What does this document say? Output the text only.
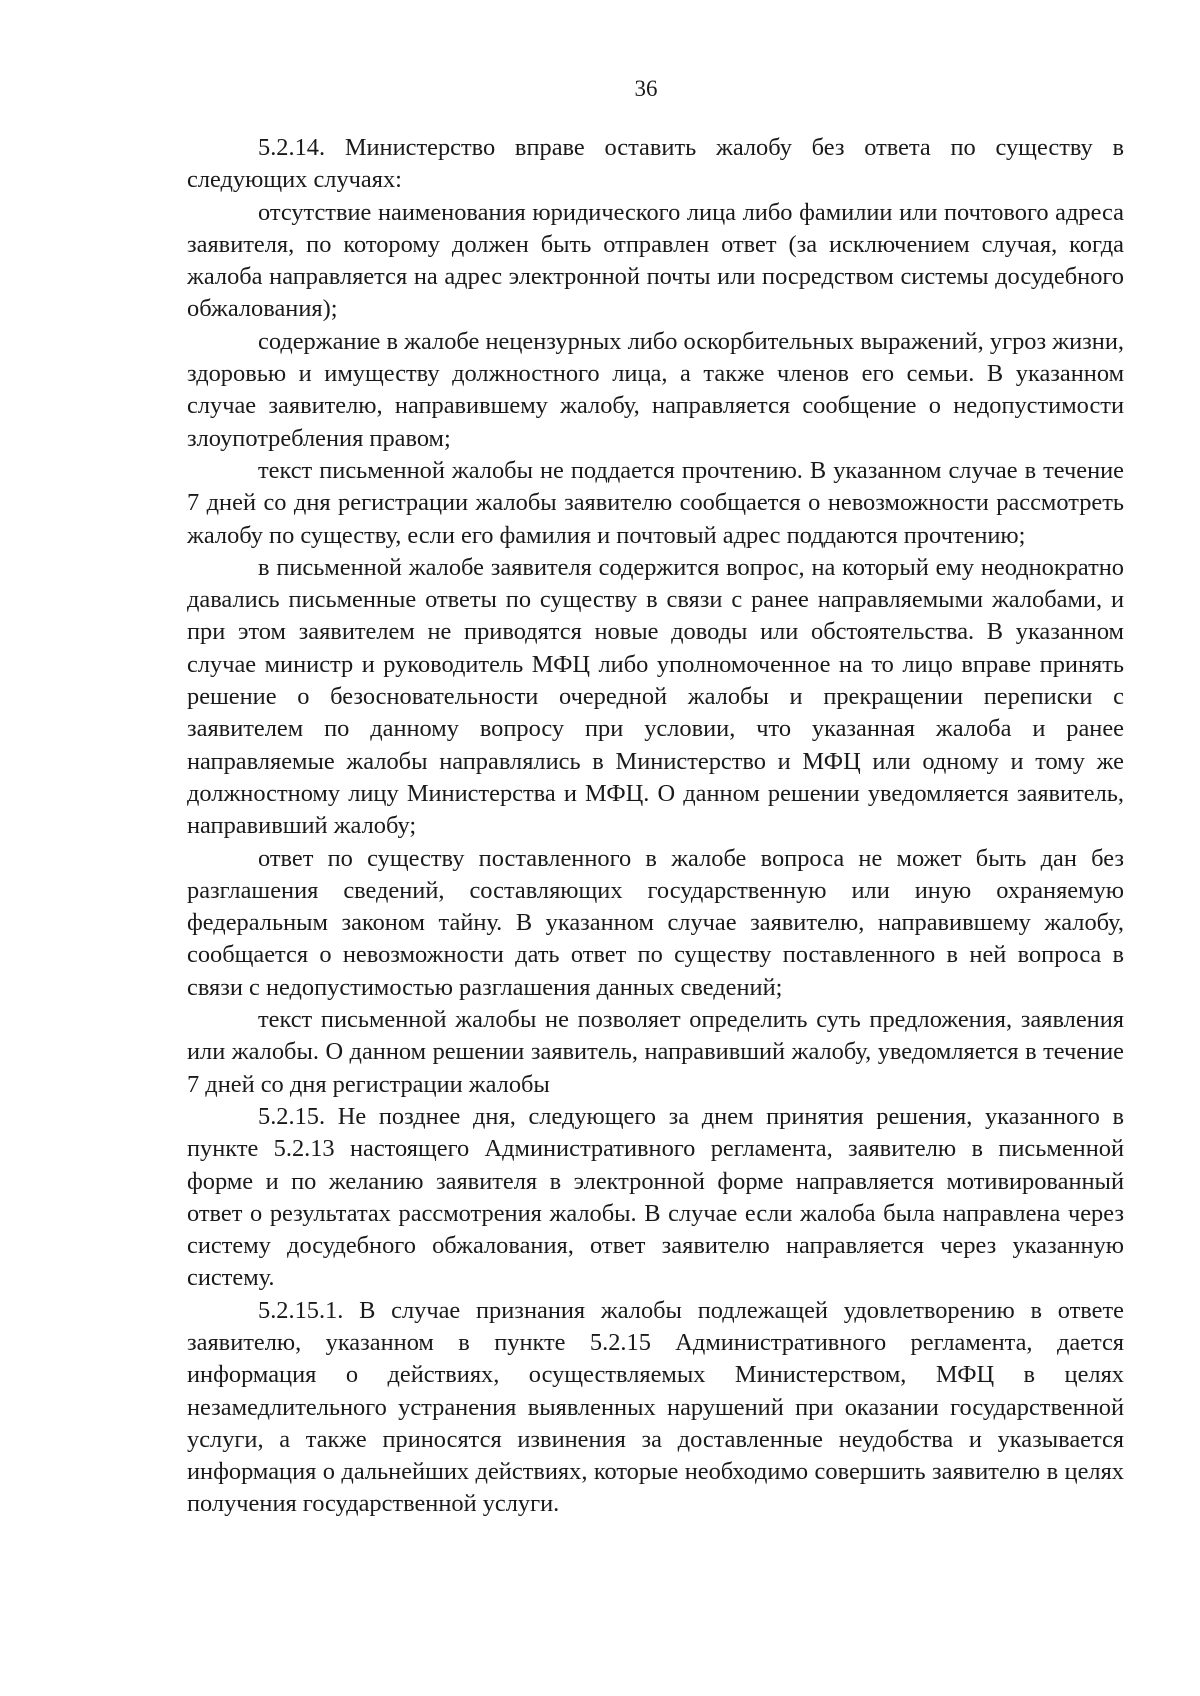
36

5.2.14. Министерство вправе оставить жалобу без ответа по существу в следующих случаях:

отсутствие наименования юридического лица либо фамилии или почтового адреса заявителя, по которому должен быть отправлен ответ (за исключением случая, когда жалоба направляется на адрес электронной почты или посредством системы досудебного обжалования);

содержание в жалобе нецензурных либо оскорбительных выражений, угроз жизни, здоровью и имуществу должностного лица, а также членов его семьи. В указанном случае заявителю, направившему жалобу, направляется сообщение о недопустимости злоупотребления правом;

текст письменной жалобы не поддается прочтению. В указанном случае в течение 7 дней со дня регистрации жалобы заявителю сообщается о невозможности рассмотреть жалобу по существу, если его фамилия и почтовый адрес поддаются прочтению;

в письменной жалобе заявителя содержится вопрос, на который ему неоднократно давались письменные ответы по существу в связи с ранее направляемыми жалобами, и при этом заявителем не приводятся новые доводы или обстоятельства. В указанном случае министр и руководитель МФЦ либо уполномоченное на то лицо вправе принять решение о безосновательности очередной жалобы и прекращении переписки с заявителем по данному вопросу при условии, что указанная жалоба и ранее направляемые жалобы направлялись в Министерство и МФЦ или одному и тому же должностному лицу Министерства и МФЦ. О данном решении уведомляется заявитель, направивший жалобу;

ответ по существу поставленного в жалобе вопроса не может быть дан без разглашения сведений, составляющих государственную или иную охраняемую федеральным законом тайну. В указанном случае заявителю, направившему жалобу, сообщается о невозможности дать ответ по существу поставленного в ней вопроса в связи с недопустимостью разглашения данных сведений;

текст письменной жалобы не позволяет определить суть предложения, заявления или жалобы. О данном решении заявитель, направивший жалобу, уведомляется в течение 7 дней со дня регистрации жалобы

5.2.15. Не позднее дня, следующего за днем принятия решения, указанного в пункте 5.2.13 настоящего Административного регламента, заявителю в письменной форме и по желанию заявителя в электронной форме направляется мотивированный ответ о результатах рассмотрения жалобы. В случае если жалоба была направлена через систему досудебного обжалования, ответ заявителю направляется через указанную систему.

5.2.15.1. В случае признания жалобы подлежащей удовлетворению в ответе заявителю, указанном в пункте 5.2.15 Административного регламента, дается информация о действиях, осуществляемых Министерством, МФЦ в целях незамедлительного устранения выявленных нарушений при оказании государственной услуги, а также приносятся извинения за доставленные неудобства и указывается информация о дальнейших действиях, которые необходимо совершить заявителю в целях получения государственной услуги.
